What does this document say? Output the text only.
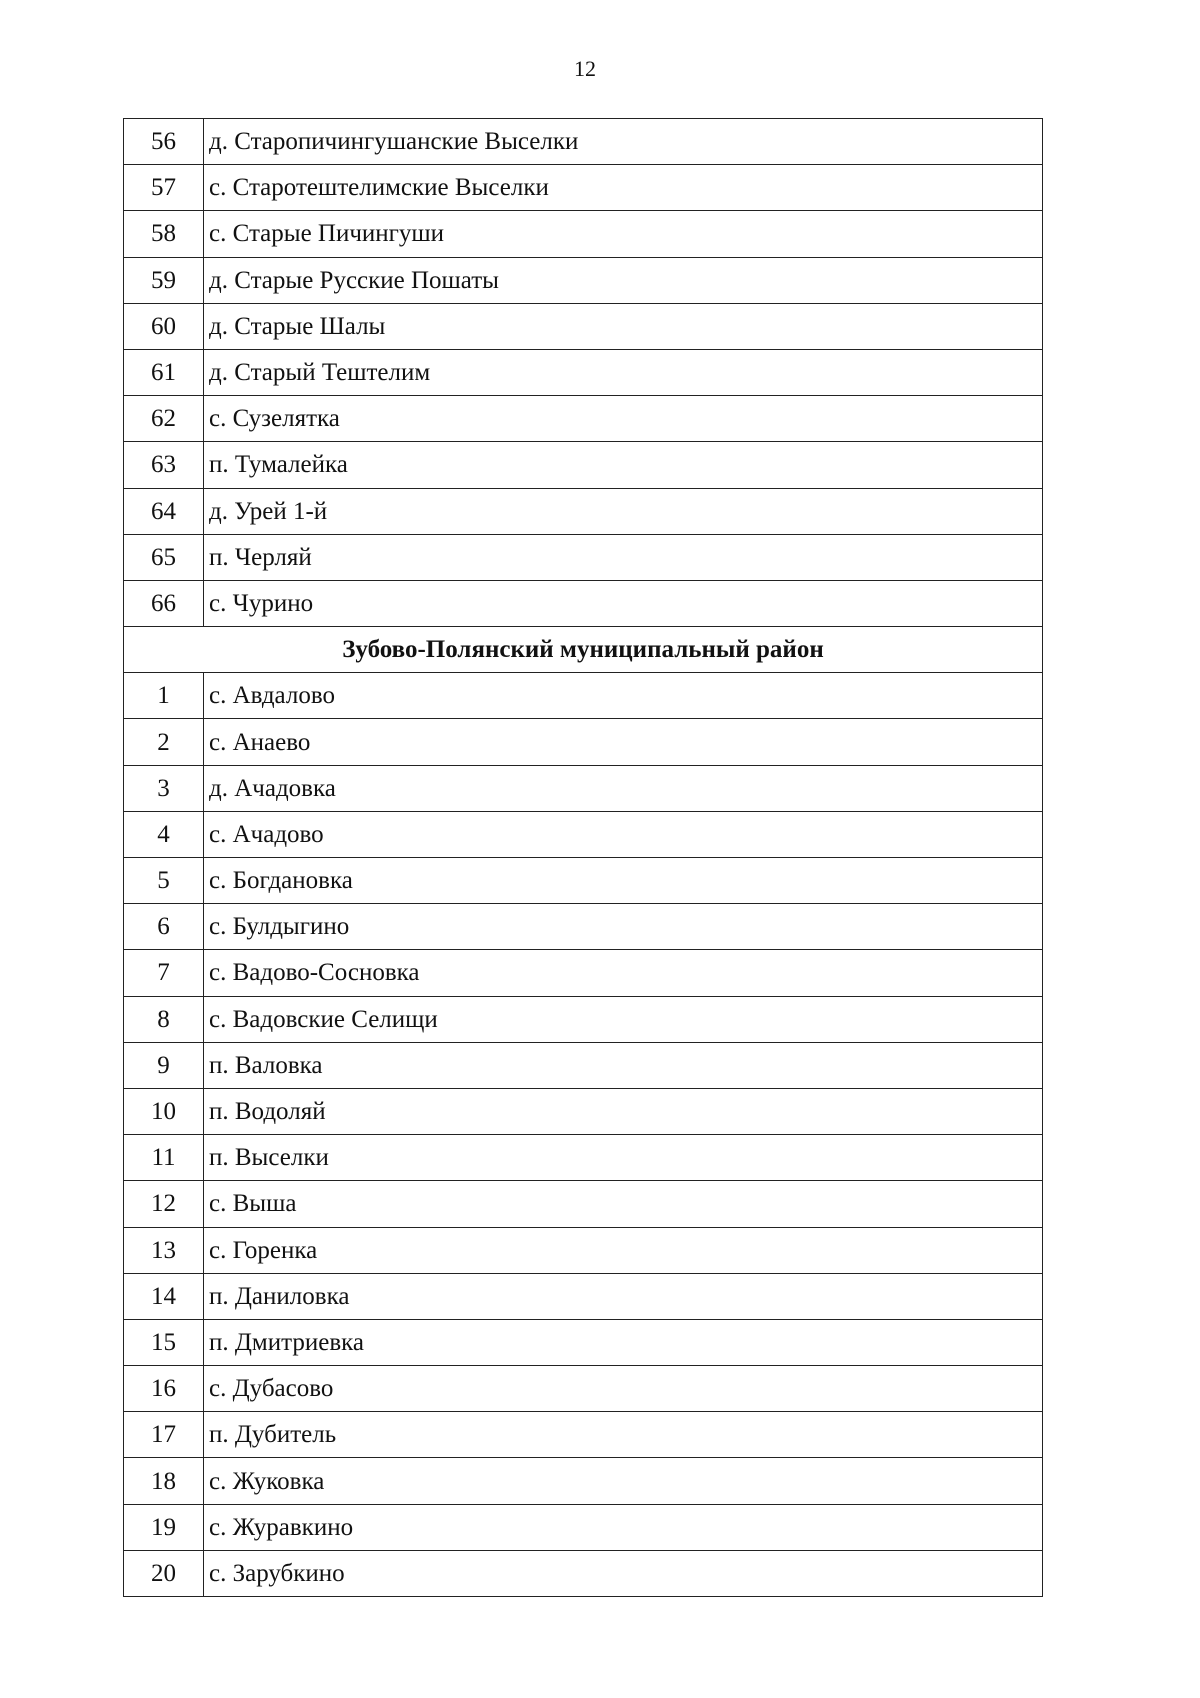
12
56	д. Старопичингушанские Выселки
57	с. Старотештелимские Выселки
58	с. Старые Пичингуши
59	д. Старые Русские Пошаты
60	д. Старые Шалы
61	д. Старый Тештелим
62	с. Сузелятка
63	п. Тумалейка
64	д. Урей 1-й
65	п. Черляй
66	с. Чурино
Зубово-Полянский муниципальный район	
1	с. Авдалово
2	с. Анаево
3	д. Ачадовка
4	с. Ачадово
5	с. Богдановка
6	с. Булдыгино
7	с. Вадово-Сосновка
8	с. Вадовские Селищи
9	п. Валовка
10	п. Водоляй
11	п. Выселки
12	с. Выша
13	с. Горенка
14	п. Даниловка
15	п. Дмитриевка
16	с. Дубасово
17	п. Дубитель
18	с. Жуковка
19	с. Журавкино
20	с. Зарубкино
